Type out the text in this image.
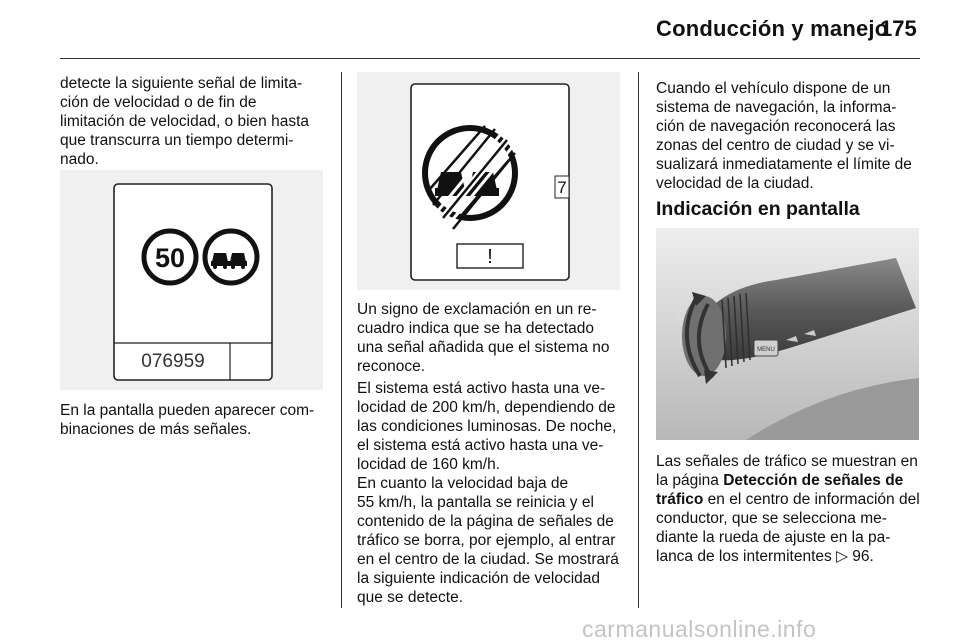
Conducción y manejo
175

detecte la siguiente señal de limita-
ción de velocidad o de fin de
limitación de velocidad, o bien hasta
que transcurra un tiempo determi-
nado.

50
076959

En la pantalla pueden aparecer com-
binaciones de más señales.

7
!

Un signo de exclamación en un re-
cuadro indica que se ha detectado
una señal añadida que el sistema no
reconoce.

El sistema está activo hasta una ve-
locidad de 200 km/h, dependiendo de
las condiciones luminosas. De noche,
el sistema está activo hasta una ve-
locidad de 160 km/h.

En cuanto la velocidad baja de
55 km/h, la pantalla se reinicia y el
contenido de la página de señales de
tráfico se borra, por ejemplo, al entrar
en el centro de la ciudad. Se mostrará
la siguiente indicación de velocidad
que se detecte.

Cuando el vehículo dispone de un
sistema de navegación, la informa-
ción de navegación reconocerá las
zonas del centro de ciudad y se vi-
sualizará inmediatamente el límite de
velocidad de la ciudad.

Indicación en pantalla
MENU
SET

Las señales de tráfico se muestran en
la página Detección de señales de
tráfico en el centro de información del
conductor, que se selecciona me-
diante la rueda de ajuste en la pa-
lanca de los intermitentes ▷ 96.

carmanualsonline.info
